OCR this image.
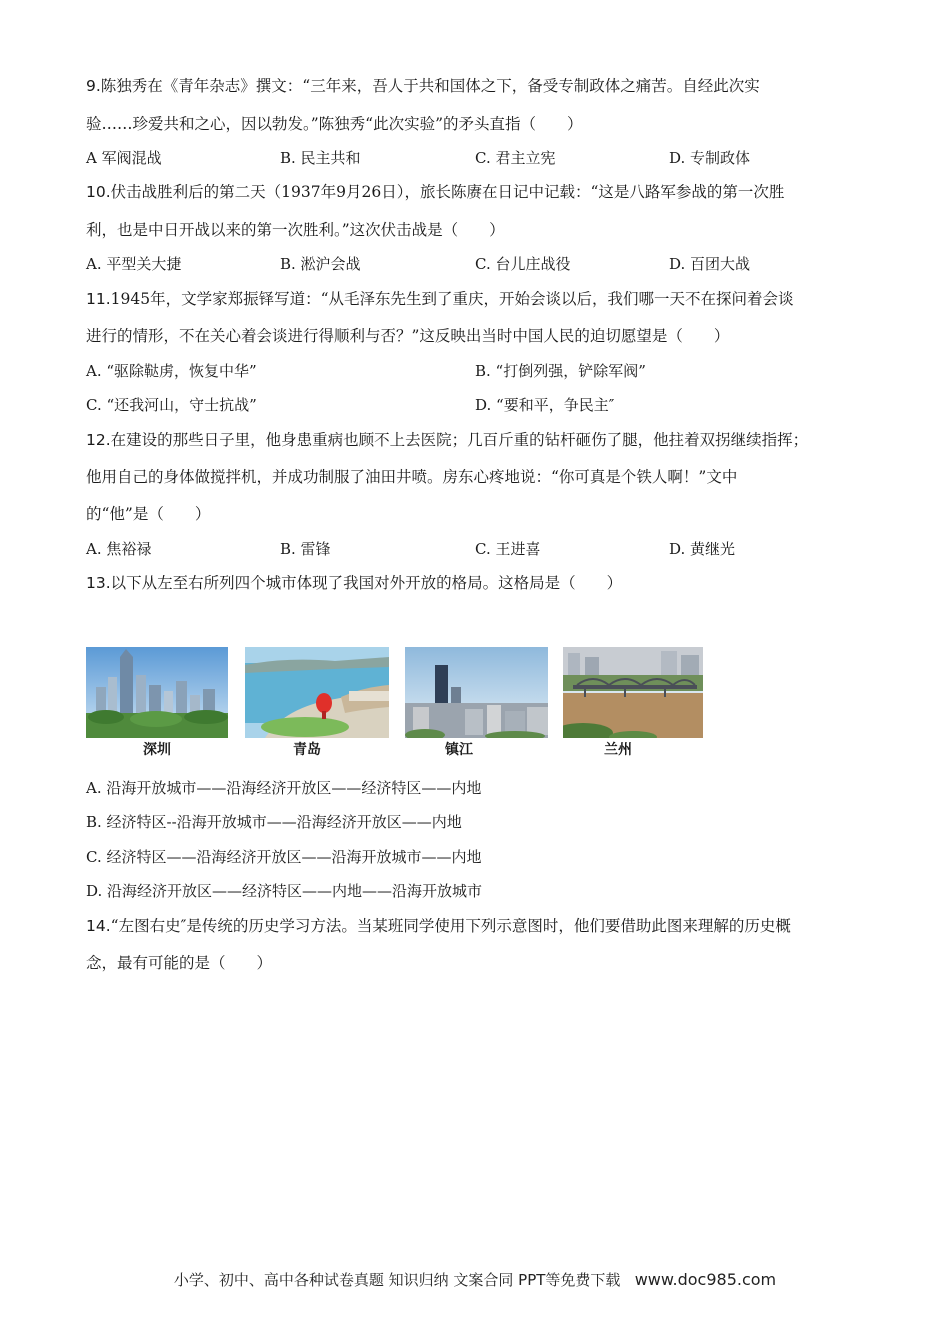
9.陈独秀在《青年杂志》撰文：“三年来，吾人于共和国体之下，备受专制政体之痛苦。自经此次实
验……珍爱共和之心，因以勃发。”陈独秀“此次实验”的矛头直指（　　）
A 军阀混战	B. 民主共和	C. 君主立宪	D. 专制政体
10.伏击战胜利后的第二天（1937年9月26日），旅长陈赓在日记中记载：“这是八路军参战的第一次胜
利，也是中日开战以来的第一次胜利。”这次伏击战是（　　）
A. 平型关大捷	B. 淞沪会战	C. 台儿庄战役	D. 百团大战
11.1945年，文学家郑振铎写道：“从毛泽东先生到了重庆，开始会谈以后，我们哪一天不在探问着会谈
进行的情形，不在关心着会谈进行得顺利与否？”这反映出当时中国人民的迫切愿望是（　　）
A. “驱除鞑虏，恢复中华”	B. “打倒列强，铲除军阀”
C. “还我河山，守士抗战”	D. “要和平，争民主″
12.在建设的那些日子里，他身患重病也顾不上去医院；几百斤重的钻杆砸伤了腿，他拄着双拐继续指挥；
他用自己的身体做搅拌机，并成功制服了油田井喷。房东心疼地说：“你可真是个铁人啊！”文中
的“他”是（　　）
A. 焦裕禄	B. 雷锋	C. 王进喜	D. 黄继光
13.以下从左至右所列四个城市体现了我国对外开放的格局。这格局是（　　）
深圳	青岛	镇江	兰州
A. 沿海开放城市——沿海经济开放区——经济特区——内地
B. 经济特区--沿海开放城市——沿海经济开放区——内地
C. 经济特区——沿海经济开放区——沿海开放城市——内地
D. 沿海经济开放区——经济特区——内地——沿海开放城市
14.“左图右史″是传统的历史学习方法。当某班同学使用下列示意图时，他们要借助此图来理解的历史概
念，最有可能的是（　　）
小学、初中、高中各种试卷真题 知识归纳 文案合同 PPT等免费下载 www.doc985.com
